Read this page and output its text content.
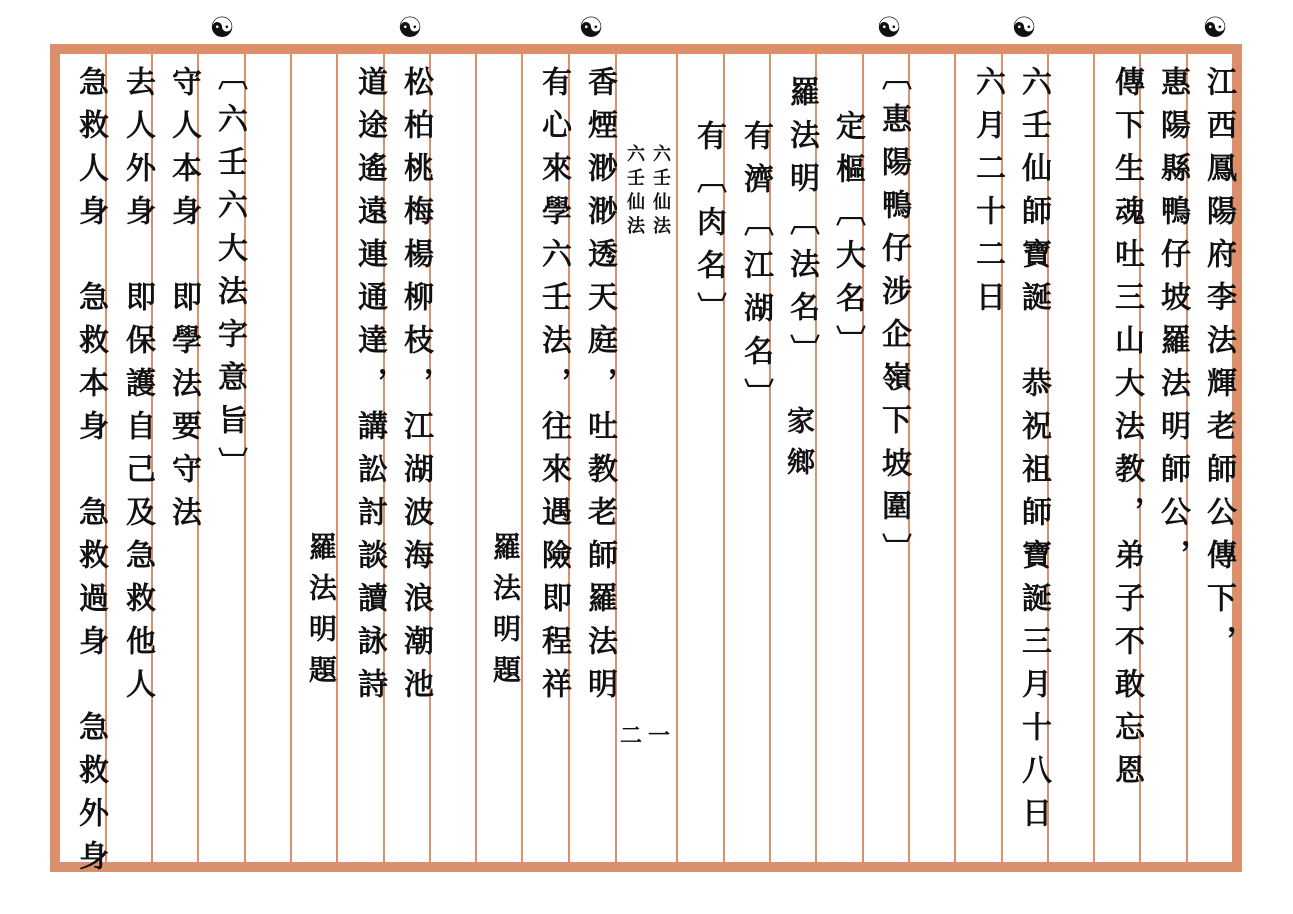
☯
☯
☯
☯
☯
☯
江西鳳陽府李法輝老師公傳下，
惠陽縣鴨仔坡羅法明師公，
傳下生魂吐三山大法教，弟子不敢忘恩
六壬仙師寶誕　恭祝祖師寶誕三月十八日
六月二十二日
〔惠陽鴨仔涉企嶺下坡圍〕
定樞〔大名〕
羅法明〔法名〕
家鄉
有濟〔江湖名〕
有〔肉名〕
六壬仙法
六壬仙法
二一
香煙渺渺透天庭，吐教老師羅法明
有心來學六壬法，往來遇險即程祥
羅法明題
松柏桃梅楊柳枝，江湖波海浪潮池
道途遙遠連通達，講訟討談讀詠詩
羅法明題
〔六壬六大法字意旨〕
守人本身　即學法要守法
去人外身　即保護自己及急救他人
急救人身　急救本身　急救過身　急救外身
